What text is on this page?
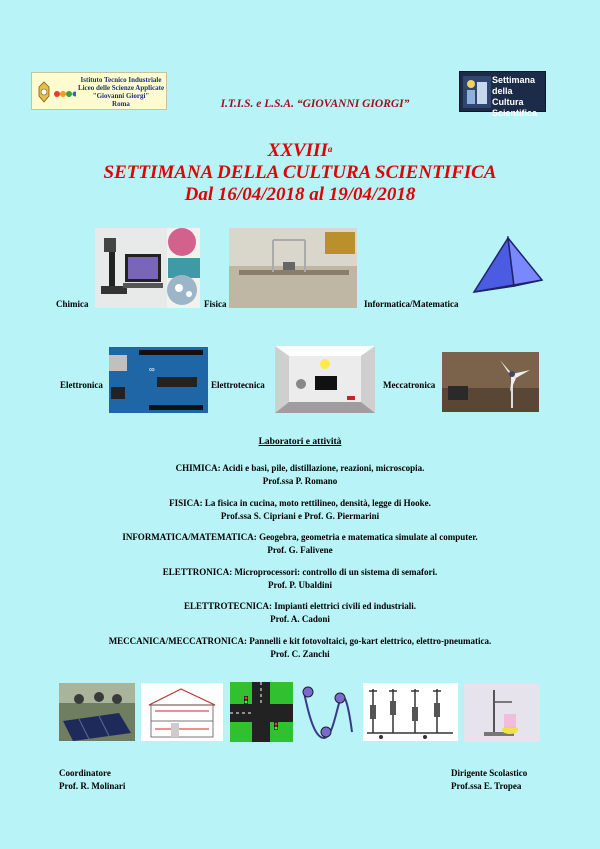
Istituto Tecnico Industriale
Liceo delle Scienze Applicate
"Giovanni Giorgi"
Roma
Settimana
della Cultura
Scientifica
I.T.I.S. e L.S.A. “GIOVANNI GIORGI”
XXVIII$^a$
SETTIMANA DELLA CULTURA SCIENTIFICA
Dal 16/04/2018 al 19/04/2018
Chimica	Fisica	Informatica/Matematica
∞
Elettronica	Elettrotecnica	Meccatronica
Laboratori e attività
CHIMICA: Acidi e basi, pile, distillazione, reazioni, microscopia.
Prof.ssa P. Romano
FISICA: La fisica in cucina, moto rettilineo, densità, legge di Hooke.
Prof.ssa S. Cipriani e Prof. G. Piermarini
INFORMATICA/MATEMATICA: Geogebra, geometria e matematica simulate al computer.
Prof. G. Falivene
ELETTRONICA: Microprocessori: controllo di un sistema di semafori.
Prof. P. Ubaldini
ELETTROTECNICA: Impianti elettrici civili ed industriali.
Prof. A. Cadoni
MECCANICA/MECCATRONICA: Pannelli e kit fotovoltaici, go-kart elettrico, elettro-pneumatica.
Prof. C. Zanchi
Coordinatore
Prof. R. Molinari
Dirigente Scolastico
Prof.ssa E. Tropea
